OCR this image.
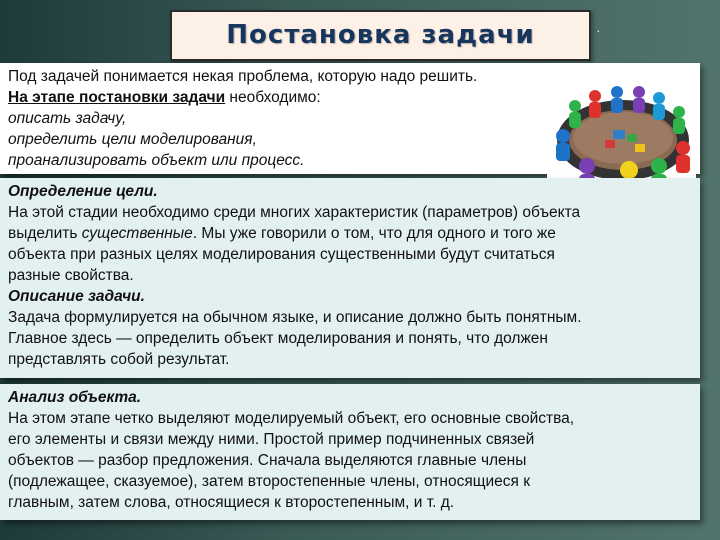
Постановка задачи	·
Под задачей понимается некая проблема, которую надо решить.
На этапе постановки задачи необходимо:
описать задачу,
определить цели моделирования,
проанализировать объект или процесс.
Определение цели.
На этой стадии необходимо среди многих характеристик (параметров) объекта
выделить существенные. Мы уже говорили о том, что для одного и того же
объекта при разных целях моделирования существенными будут считаться
разные свойства.
Описание задачи.
Задача формулируется на обычном языке, и описание должно быть понятным.
Главное здесь — определить объект моделирования и понять, что должен
представлять собой результат.
Анализ объекта.
На этом этапе четко выделяют моделируемый объект, его основные свойства,
его элементы и связи между ними. Простой пример подчиненных связей
объектов — разбор предложения. Сначала выделяются главные члены
(подлежащее, сказуемое), затем второстепенные члены, относящиеся к
главным, затем слова, относящиеся к второстепенным, и т. д.
